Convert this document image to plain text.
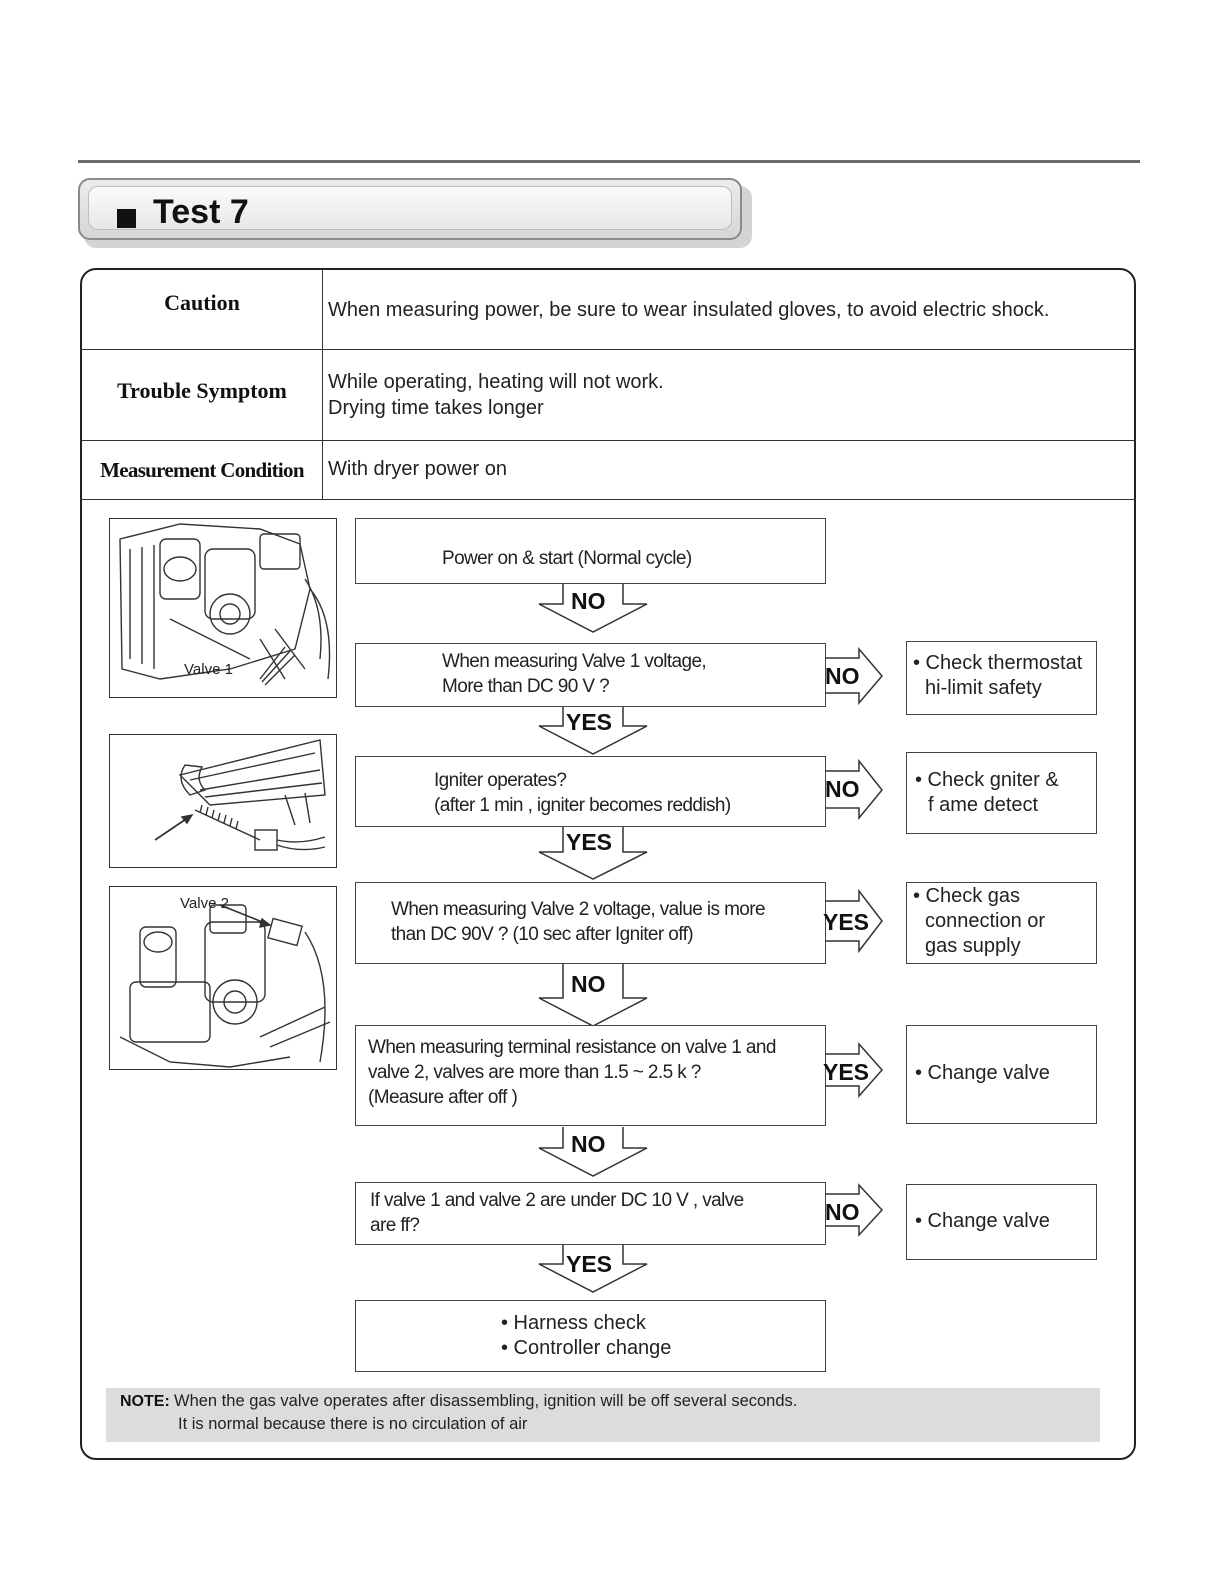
Test 7
Caution	When measuring power, be sure to wear insulated gloves, to avoid electric shock.
Trouble Symptom	While operating, heating will not work.
Drying time takes longer
Measurement Condition	With dryer power on
Valve 1
Valve 2
Power on & start (Normal cycle)
When measuring Valve 1 voltage,
More than DC 90 V ?
Igniter operates?
(after 1 min , igniter becomes reddish)
When measuring Valve 2 voltage, value is more
than DC 90V ? (10 sec after Igniter off)
When measuring terminal resistance on valve 1 and
valve 2, valves are more than 1.5 ~ 2.5 k ?
(Measure after off )
If valve 1 and valve 2 are under DC 10 V , valve
are ff?
• Harness check
• Controller change
NO
YES
YES
NO
NO
YES
NO
NO
YES
YES
NO
• Check thermostat
hi-limit safety
• Check gniter &
f ame detect
• Check gas
connection or
gas supply
• Change valve
• Change valve
NOTE: When the gas valve operates after disassembling, ignition will be off several seconds.
It is normal because there is no circulation of air
